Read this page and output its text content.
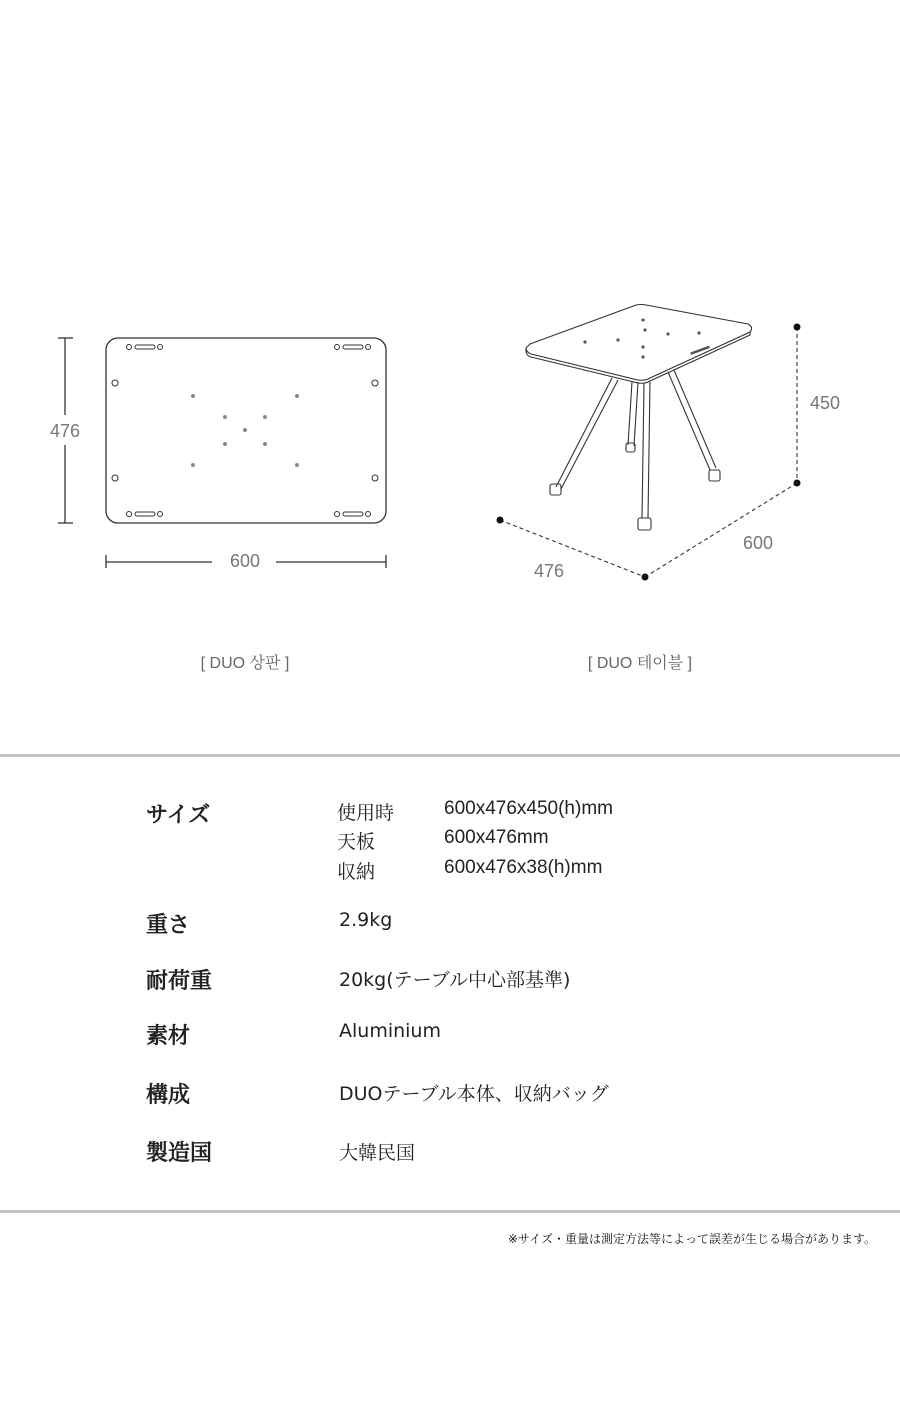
476
600
450
600
476
[ DUO 상판 ]	[ DUO 테이블 ]
サイズ	使用時	600x476x450(h)mm
天板	600x476mm
収納	600x476x38(h)mm
重さ	2.9kg
耐荷重	20kg(テーブル中心部基準)
素材	Aluminium
構成	DUOテーブル本体、収納バッグ
製造国	大韓民国
※サイズ・重量は測定方法等によって誤差が生じる場合があります。
